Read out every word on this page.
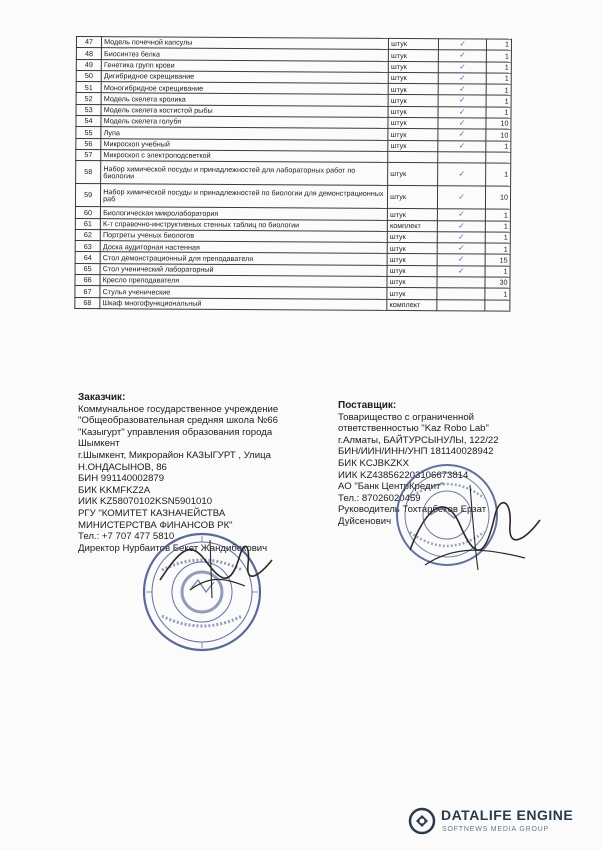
47	Модель почечной капсулы	штук	✓	1
48	Биосинтез белка	штук	✓	1
49	Генетика групп крови	штук	✓	1
50	Дигибридное скрещивание	штук	✓	1
51	Моногибридное скрещивание	штук	✓	1
52	Модель скелета кролика	штук	✓	1
53	Модель скелета костистой рыбы	штук	✓	1
54	Модель скелета голубя	штук	✓	10
55	Лупа	штук	✓	10
56	Микроскоп учебный	штук	✓	1
57	Микроскоп с электроподсветкой			
58	Набор химической посуды и принадлежностей для лабораторных работ по биологии	штук	✓	1
59	Набор химической посуды и принадлежностей по биологии для демонстрационных раб	штук	✓	10
60	Биологическая микролаборатория	штук	✓	1
61	К-т справочно-инструктивных стенных таблиц по биологии	комплект	✓	1
62	Портреты ученых биологов	штук	✓	1
63	Доска аудиторная настенная	штук	✓	1
64	Стол демонстрационный для преподавателя	штук	✓	15
65	Стол ученический лабораторный	штук	✓	1
66	Кресло преподавателя	штук		30
67	Стулья ученические	штук		1
68	Шкаф многофункциональный	комплект		
Заказчик:
Коммунальное государственное учреждение
"Общеобразовательная средняя школа №66
"Казыгурт" управления образования города
Шымкент
г.Шымкент, Микрорайон КАЗЫГУРТ , Улица
Н.ОНДАСЫНОВ, 86
БИН 991140002879
БИК KKMFKZ2A
ИИК KZ58070102KSN5901010
РГУ "КОМИТЕТ КАЗНАЧЕЙСТВА
МИНИСТЕРСТВА ФИНАНСОВ РК"
Тел.: +7 707 477 5810
Директор Нурбаитов Бекет Жандибекович
Поставщик:
Товарищество с ограниченной
ответственностью "Kaz Robo Lab"
г.Алматы, БАЙТУРСЫНУЛЫ, 122/22
БИН/ИИН/ИНН/УНП 181140028942
БИК KCJBKZKX
ИИК KZ438562203106673814
АО "Банк ЦентрКредит"
Тел.: 87026020459
Руководитель Тохтарбеков Ерзат
Дуйсенович
DATALIFE ENGINE
SOFTNEWS MEDIA GROUP
